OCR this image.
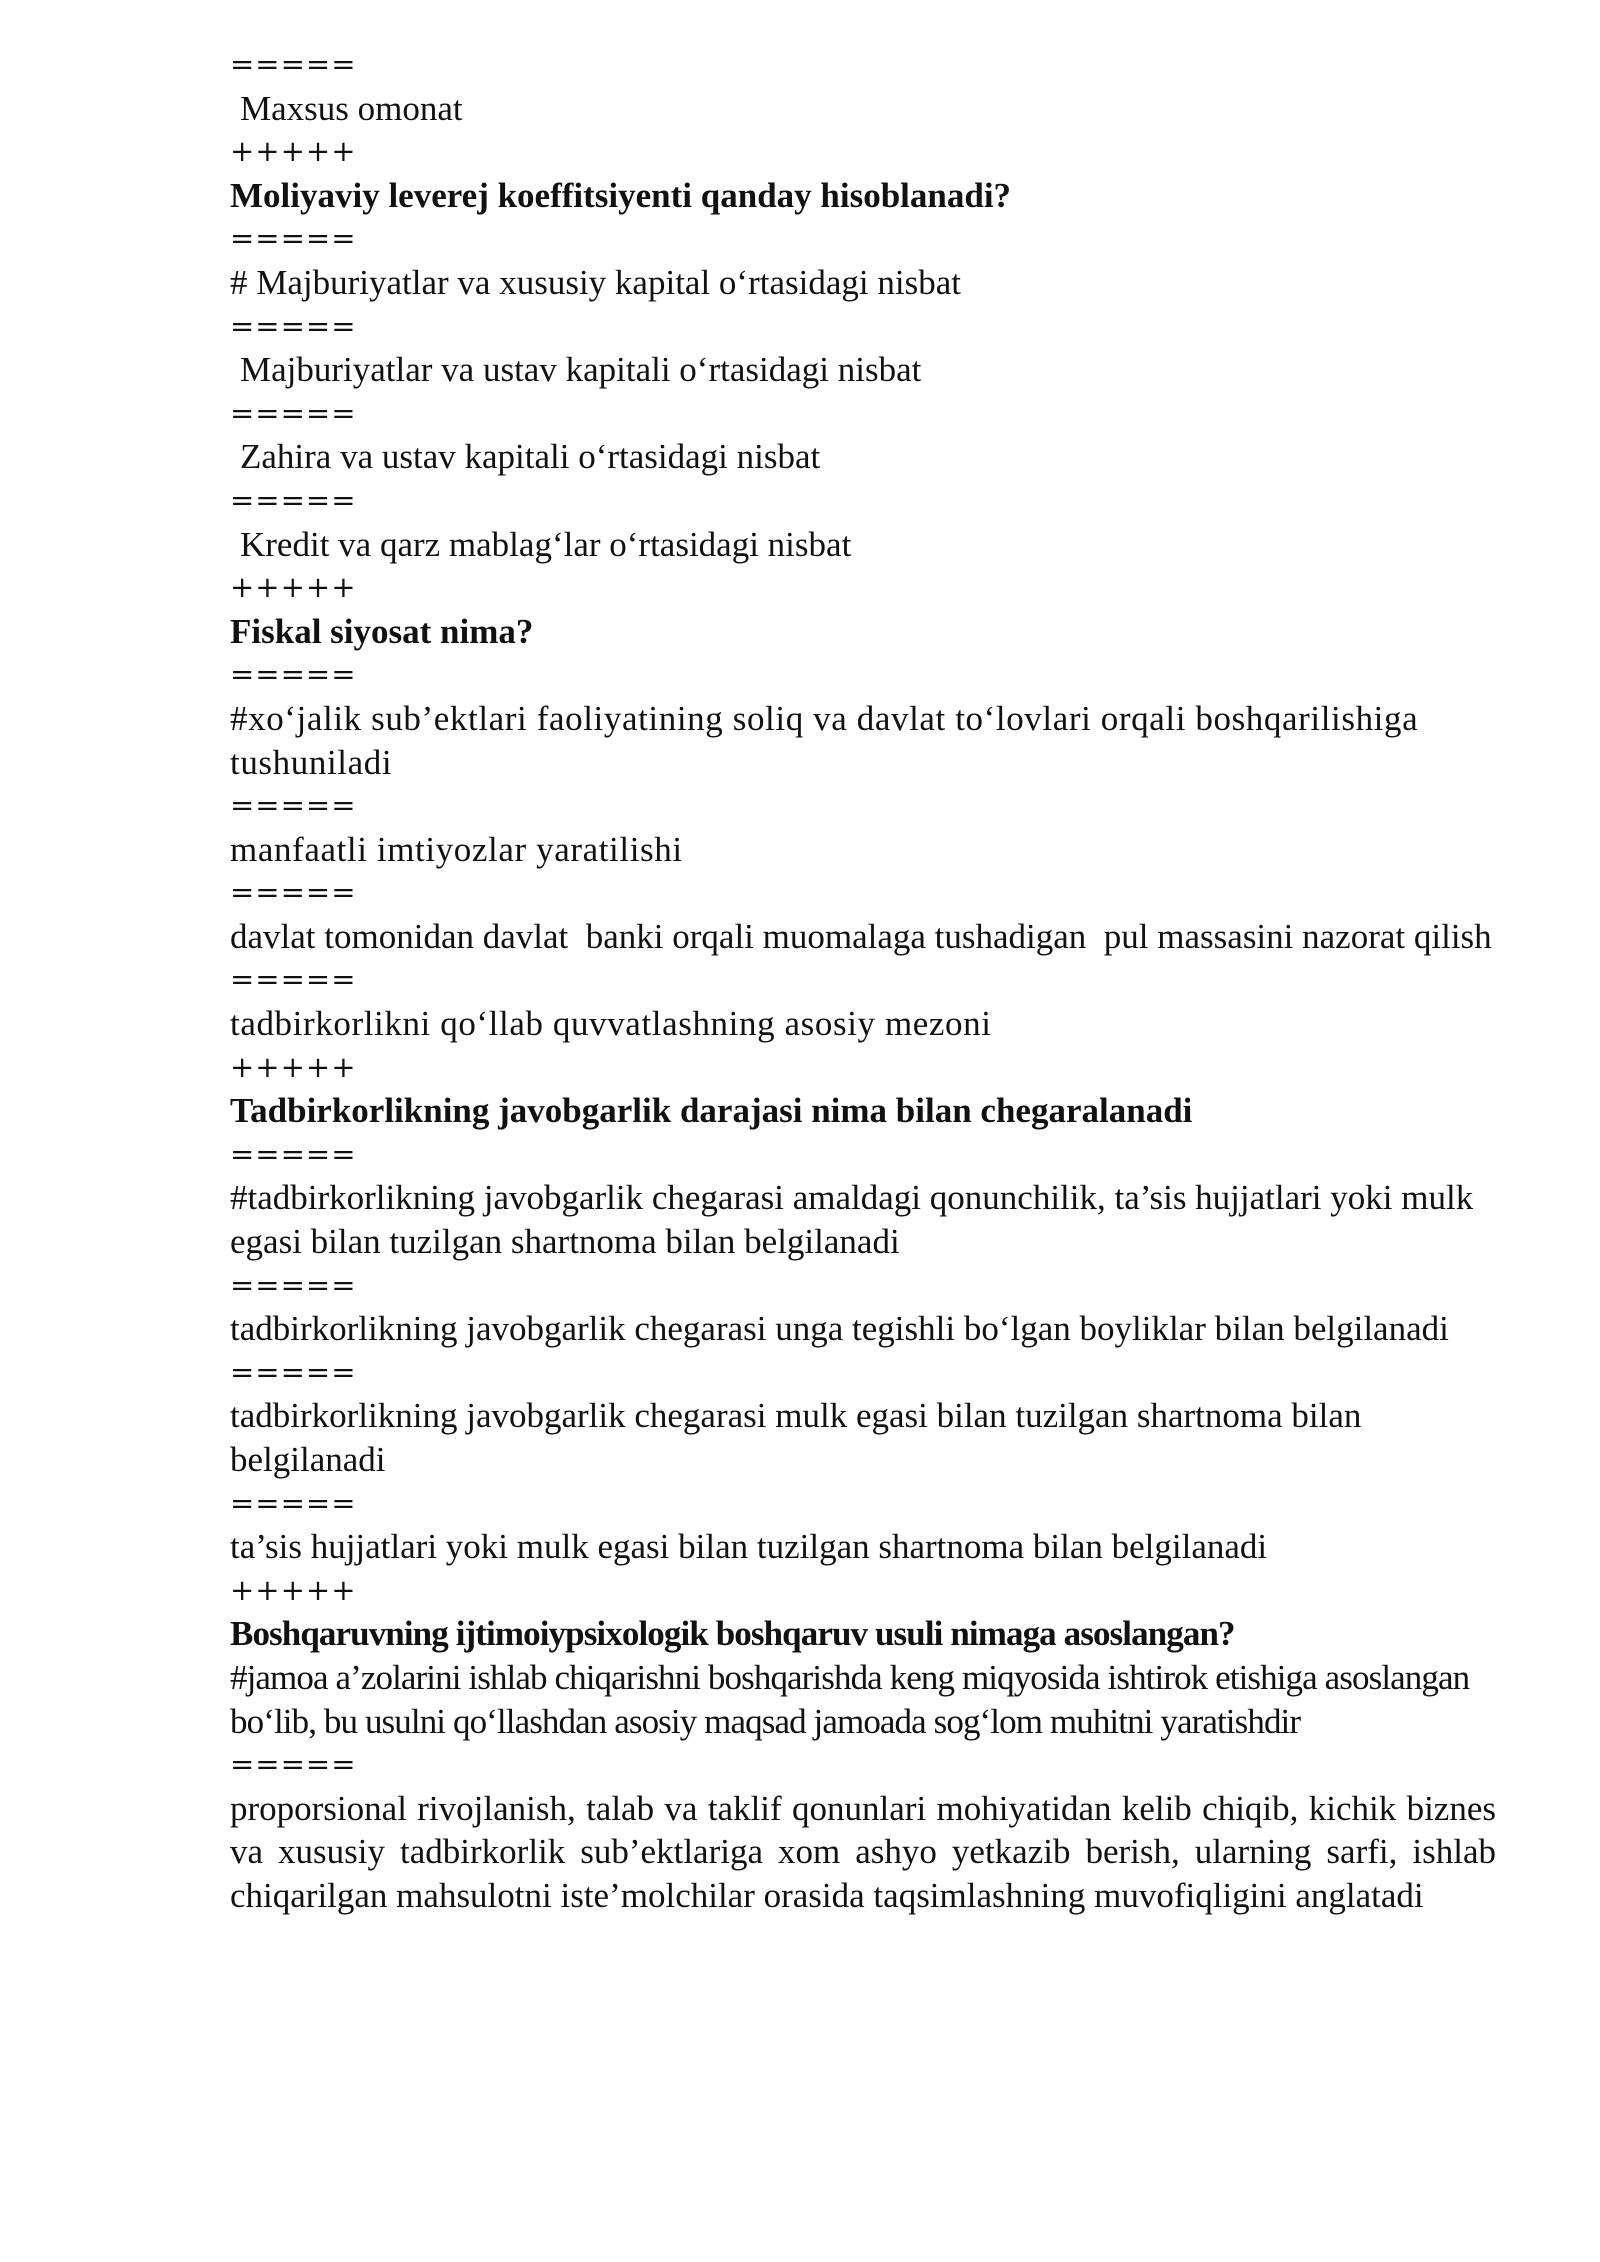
=====

Maxsus omonat

+++++

Moliyaviy leverej koeffitsiyenti qanday hisoblanadi?

=====

# Majburiyatlar va xususiy kapital oʻrtasidagi nisbat

=====

Majburiyatlar va ustav kapitali oʻrtasidagi nisbat

=====

Zahira va ustav kapitali oʻrtasidagi nisbat

=====

Kredit va qarz mablagʻlar oʻrtasidagi nisbat

+++++

Fiskal siyosat nima?

=====

#xoʻjalik sub’ektlari faoliyatining soliq va davlat toʻlovlari orqali boshqarilishiga tushuniladi

=====

manfaatli imtiyozlar yaratilishi

=====

davlat tomonidan davlat  banki orqali muomalaga tushadigan  pul massasini nazorat qilish

=====

tadbirkorlikni qoʻllab quvvatlashning asosiy mezoni

+++++

Tadbirkorlikning javobgarlik darajasi nima bilan chegaralanadi

=====

#tadbirkorlikning javobgarlik chegarasi amaldagi qonunchilik, ta’sis hujjatlari yoki mulk egasi bilan tuzilgan shartnoma bilan belgilanadi

=====

tadbirkorlikning javobgarlik chegarasi unga tegishli boʻlgan boyliklar bilan belgilanadi

=====

tadbirkorlikning javobgarlik chegarasi mulk egasi bilan tuzilgan shartnoma bilan belgilanadi

=====

ta’sis hujjatlari yoki mulk egasi bilan tuzilgan shartnoma bilan belgilanadi

+++++

Boshqaruvning ijtimoiypsixologik boshqaruv usuli nimaga asoslangan?

#jamoa a’zolarini ishlab chiqarishni boshqarishda keng miqyosida ishtirok etishiga asoslangan boʻlib, bu usulni qoʻllashdan asosiy maqsad jamoada sogʻlom muhitni yaratishdir

=====

proporsional rivojlanish, talab va taklif qonunlari mohiyatidan kelib chiqib, kichik biznes va xususiy tadbirkorlik sub’ektlariga xom ashyo yetkazib berish, ularning sarfi, ishlab chiqarilgan mahsulotni iste’molchilar orasida taqsimlashning muvofiqligini anglatadi
